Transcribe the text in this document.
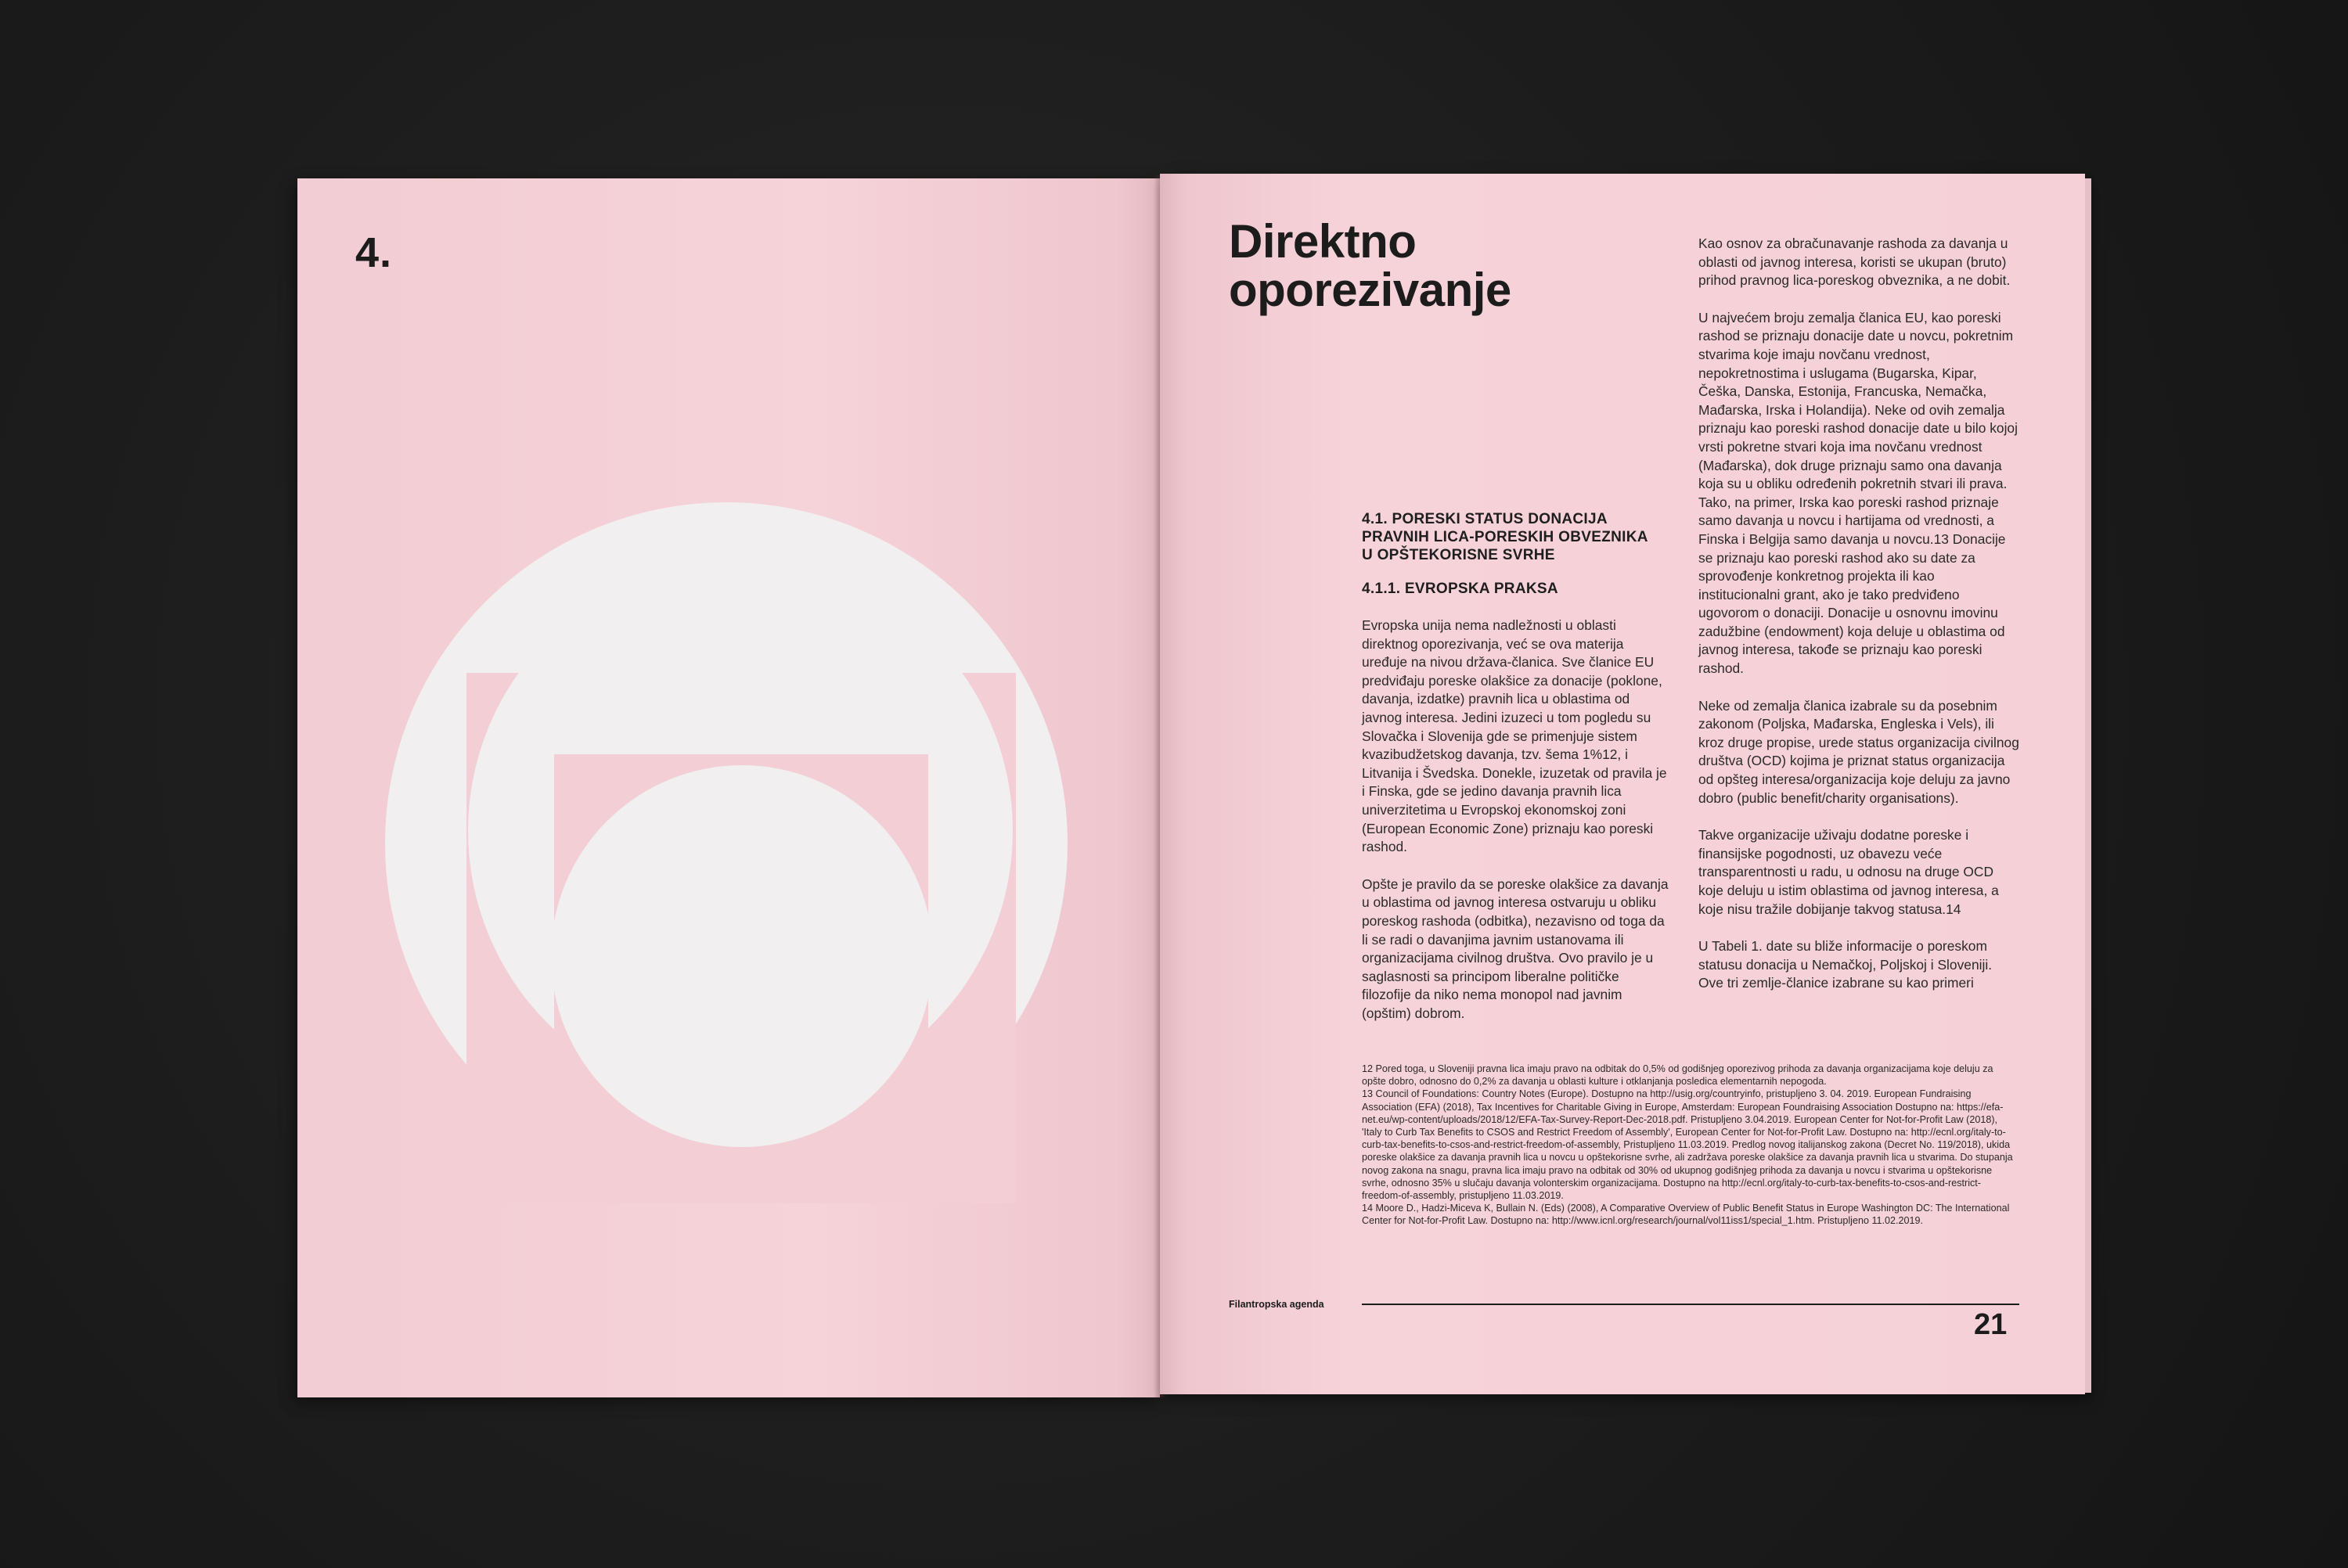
4.	Direktno
oporezivanje

4.1. PORESKI STATUS DONACIJA PRAVNIH LICA-PORESKIH OBVEZNIKA U OPŠTEKORISNE SVRHE

4.1.1. EVROPSKA PRAKSA

Evropska unija nema nadležnosti u oblasti direktnog oporezivanja, već se ova materija uređuje na nivou država-članica. Sve članice EU predviđaju poreske olakšice za donacije (poklone, davanja, izdatke) pravnih lica u oblastima od javnog interesa. Jedini izuzeci u tom pogledu su Slovačka i Slovenija gde se primenjuje sistem kvazibudžetskog davanja, tzv. šema 1%12, i Litvanija i Švedska. Donekle, izuzetak od pravila je i Finska, gde se jedino davanja pravnih lica univerzitetima u Evropskoj ekonomskoj zoni (European Economic Zone) priznaju kao poreski rashod.

Opšte je pravilo da se poreske olakšice za davanja u oblastima od javnog interesa ostvaruju u obliku poreskog rashoda (odbitka), nezavisno od toga da li se radi o davanjima javnim ustanovama ili organizacijama civilnog društva. Ovo pravilo je u saglasnosti sa principom liberalne političke filozofije da niko nema monopol nad javnim (opštim) dobrom.

Kao osnov za obračunavanje rashoda za davanja u oblasti od javnog interesa, koristi se ukupan (bruto) prihod pravnog lica-poreskog obveznika, a ne dobit.

U najvećem broju zemalja članica EU, kao poreski rashod se priznaju donacije date u novcu, pokretnim stvarima koje imaju novčanu vrednost, nepokretnostima i uslugama (Bugarska, Kipar, Češka, Danska, Estonija, Francuska, Nemačka, Mađarska, Irska i Holandija). Neke od ovih zemalja priznaju kao poreski rashod donacije date u bilo kojoj vrsti pokretne stvari koja ima novčanu vrednost (Mađarska), dok druge priznaju samo ona davanja koja su u obliku određenih pokretnih stvari ili prava. Tako, na primer, Irska kao poreski rashod priznaje samo davanja u novcu i hartijama od vrednosti, a Finska i Belgija samo davanja u novcu.13 Donacije se priznaju kao poreski rashod ako su date za sprovođenje konkretnog projekta ili kao institucionalni grant, ako je tako predviđeno ugovorom o donaciji. Donacije u osnovnu imovinu zadužbine (endowment) koja deluje u oblastima od javnog interesa, takođe se priznaju kao poreski rashod.

Neke od zemalja članica izabrale su da posebnim zakonom (Poljska, Mađarska, Engleska i Vels), ili kroz druge propise, urede status organizacija civilnog društva (OCD) kojima je priznat status organizacija od opšteg interesa/organizacija koje deluju za javno dobro (public benefit/charity organisations).

Takve organizacije uživaju dodatne poreske i finansijske pogodnosti, uz obavezu veće transparentnosti u radu, u odnosu na druge OCD koje deluju u istim oblastima od javnog interesa, a koje nisu tražile dobijanje takvog statusa.14

U Tabeli 1. date su bliže informacije o poreskom statusu donacija u Nemačkoj, Poljskoj i Sloveniji. Ove tri zemlje-članice izabrane su kao primeri

12 Pored toga, u Sloveniji pravna lica imaju pravo na odbitak do 0,5% od godišnjeg oporezivog prihoda za davanja organizacijama koje deluju za opšte dobro, odnosno do 0,2% za davanja u oblasti kulture i otklanjanja posledica elementarnih nepogoda.

13 Council of Foundations: Country Notes (Europe). Dostupno na http://usig.org/countryinfo, pristupljeno 3. 04. 2019. European Fundraising Association (EFA) (2018), Tax Incentives for Charitable Giving in Europe, Amsterdam: European Foundraising Association Dostupno na: https://efa-net.eu/wp-content/uploads/2018/12/EFA-Tax-Survey-Report-Dec-2018.pdf. Pristupljeno 3.04.2019. European Center for Not-for-Profit Law (2018), 'Italy to Curb Tax Benefits to CSOS and Restrict Freedom of Assembly', European Center for Not-for-Profit Law. Dostupno na: http://ecnl.org/italy-to-curb-tax-benefits-to-csos-and-restrict-freedom-of-assembly, Pristupljeno 11.03.2019. Predlog novog italijanskog zakona (Decret No. 119/2018), ukida poreske olakšice za davanja pravnih lica u novcu u opštekorisne svrhe, ali zadržava poreske olakšice za davanja pravnih lica u stvarima. Do stupanja novog zakona na snagu, pravna lica imaju pravo na odbitak od 30% od ukupnog godišnjeg prihoda za davanja u novcu i stvarima u opštekorisne svrhe, odnosno 35% u slučaju davanja volonterskim organizacijama. Dostupno na http://ecnl.org/italy-to-curb-tax-benefits-to-csos-and-restrict-freedom-of-assembly, pristupljeno 11.03.2019.

14 Moore D., Hadzi-Miceva K, Bullain N. (Eds) (2008), A Comparative Overview of Public Benefit Status in Europe Washington DC: The International Center for Not-for-Profit Law. Dostupno na: http://www.icnl.org/research/journal/vol11iss1/special_1.htm. Pristupljeno 11.02.2019.

Filantropska agenda
21
